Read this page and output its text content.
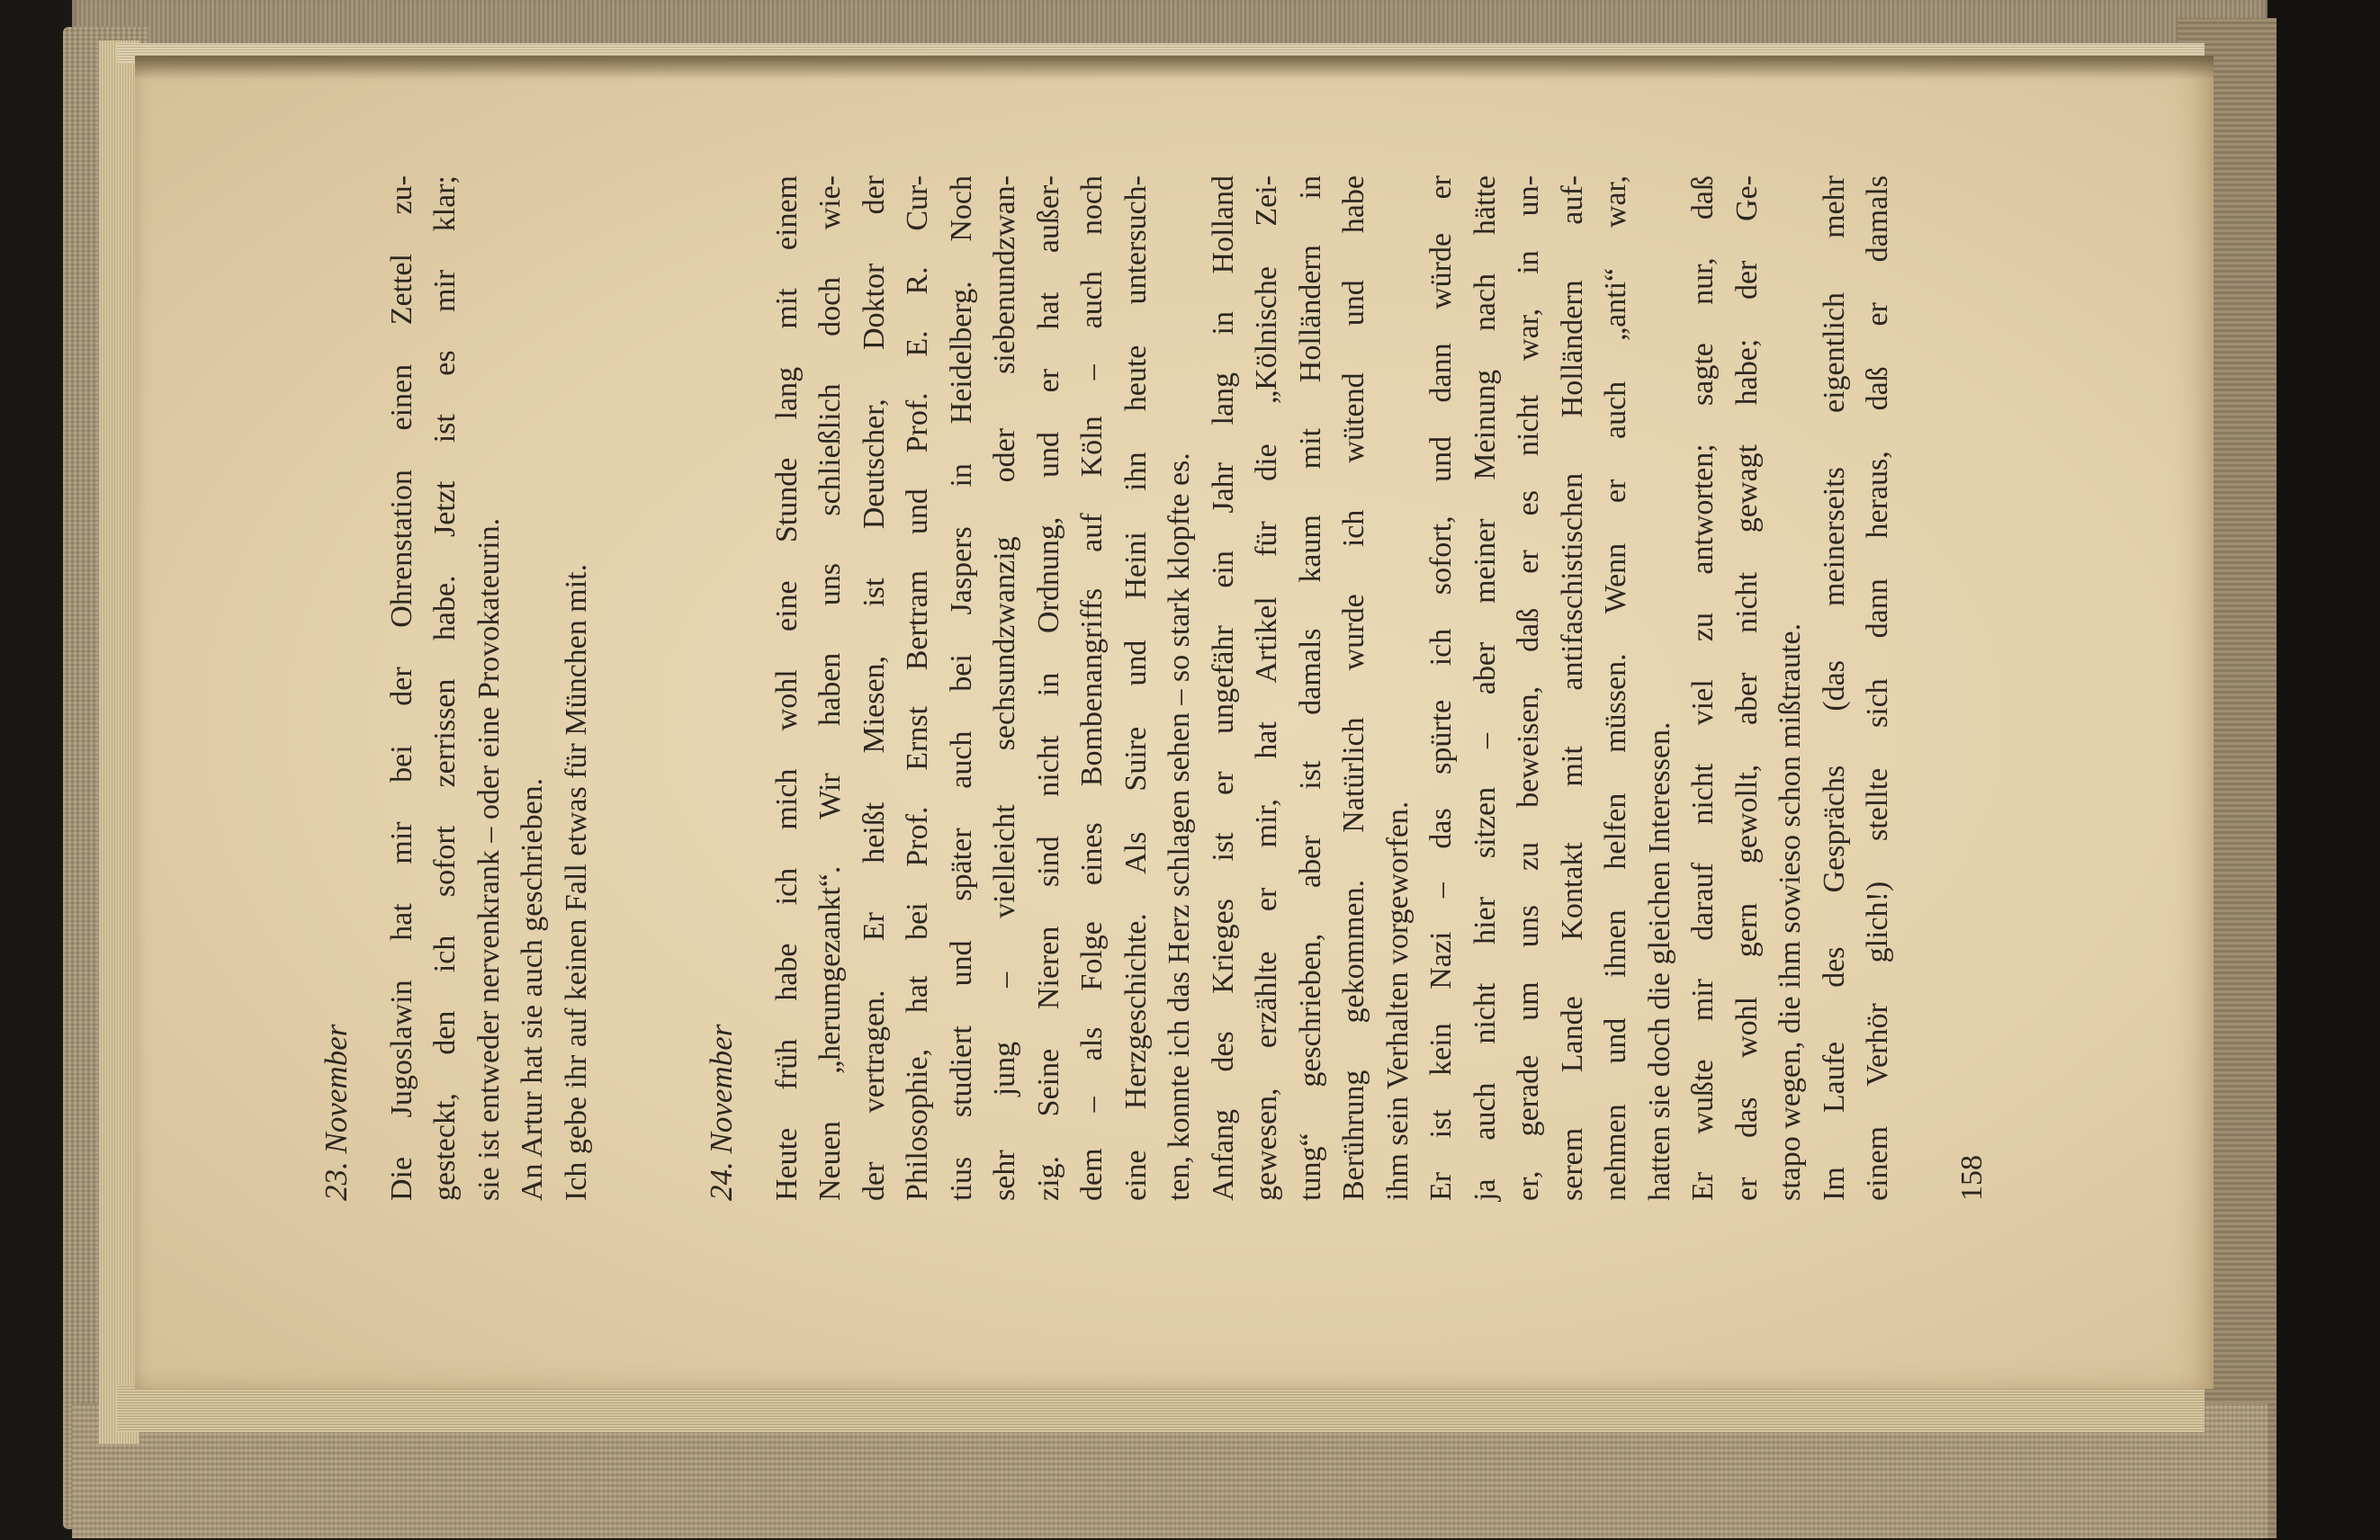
23. November Die Jugoslawin hat mir bei der Ohrenstation einen Zettel zu- gesteckt, den ich sofort zerrissen habe. Jetzt ist es mir klar; sie ist entweder nervenkrank – oder eine Provokateurin. An Artur hat sie auch geschrieben. Ich gebe ihr auf keinen Fall etwas für München mit.	24. November Heute früh habe ich mich wohl eine Stunde lang mit einem Neuen „herumgezankt“. Wir haben uns schließlich doch wie- der vertragen. Er heißt Miesen, ist Deutscher, Doktor der Philosophie, hat bei Prof. Ernst Bertram und Prof. E. R. Cur- tius studiert und später auch bei Jaspers in Heidelberg. Noch sehr jung – vielleicht sechsundzwanzig oder siebenundzwan- zig. Seine Nieren sind nicht in Ordnung, und er hat außer- dem – als Folge eines Bombenangriffs auf Köln – auch noch eine Herzgeschichte. Als Suire und Heini ihn heute untersuch- ten, konnte ich das Herz schlagen sehen – so stark klopfte es. Anfang des Krieges ist er ungefähr ein Jahr lang in Holland gewesen, erzählte er mir, hat Artikel für die „Kölnische Zei- tung“ geschrieben, aber ist damals kaum mit Holländern in Berührung gekommen. Natürlich wurde ich wütend und habe ihm sein Verhalten vorgeworfen. Er ist kein Nazi – das spürte ich sofort, und dann würde er ja auch nicht hier sitzen – aber meiner Meinung nach hätte er, gerade um uns zu beweisen, daß er es nicht war, in un- serem Lande Kontakt mit antifaschistischen Holländern auf- nehmen und ihnen helfen müssen. Wenn er auch „anti“ war, hatten sie doch die gleichen Interessen. Er wußte mir darauf nicht viel zu antworten; sagte nur, daß er das wohl gern gewollt, aber nicht gewagt habe; der Ge- stapo wegen, die ihm sowieso schon mißtraute. Im Laufe des Gesprächs (das meinerseits eigentlich mehr einem Verhör glich!) stellte sich dann heraus, daß er damals 158
